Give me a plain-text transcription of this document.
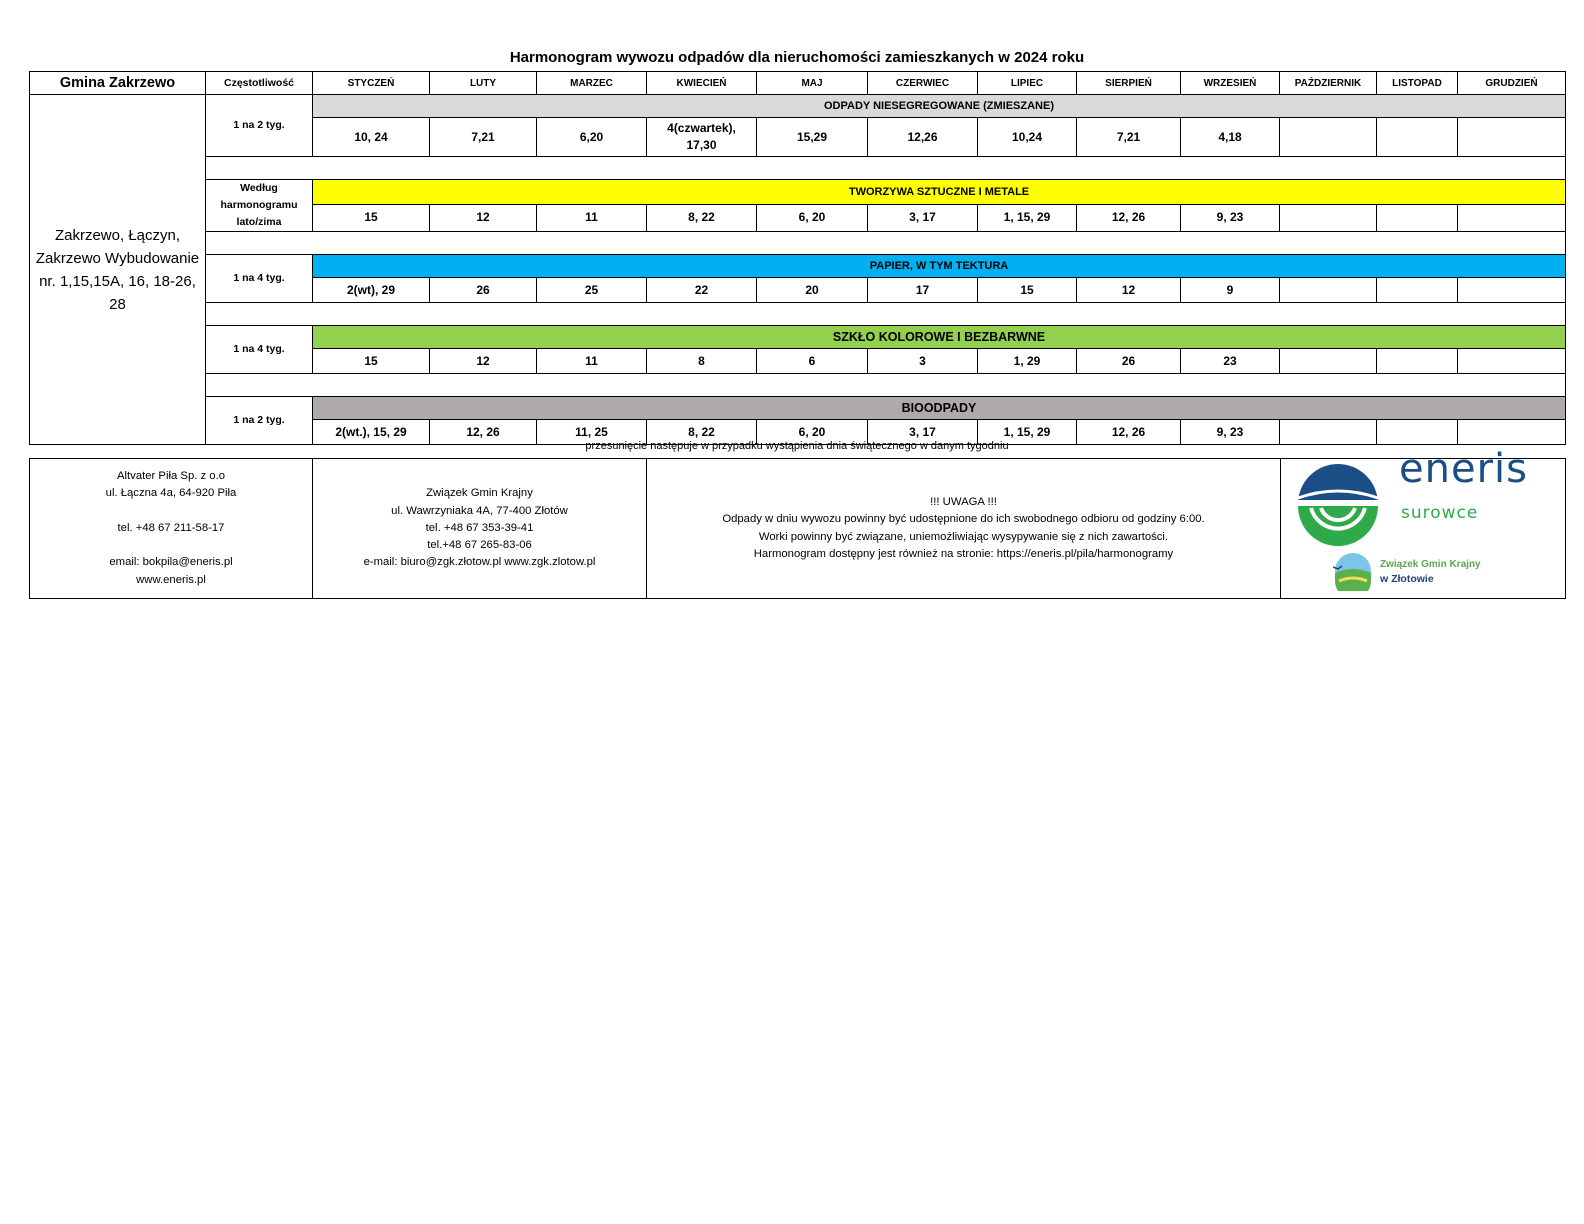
Harmonogram wywozu odpadów dla nieruchomości zamieszkanych w 2024 roku
Gmina Zakrzewo	Częstotliwość	STYCZEŃ	LUTY	MARZEC	KWIECIEŃ	MAJ	CZERWIEC	LIPIEC	SIERPIEŃ	WRZESIEŃ	PAŹDZIERNIK	LISTOPAD	GRUDZIEŃ
Zakrzewo, Łączyn, Zakrzewo Wybudowanie nr. 1,15,15A, 16, 18-26, 28	1 na 2 tyg.	ODPADY NIESEGREGOWANE (ZMIESZANE)											
		10, 24	7,21	6,20	4(czwartek), 17,30	15,29	12,26	10,24	7,21	4,18			

	Według harmonogramu lato/zima	TWORZYWA SZTUCZNE I METALE											
		15	12	11	8, 22	6, 20	3, 17	1, 15, 29	12, 26	9, 23			

	1 na 4 tyg.	PAPIER, W TYM TEKTURA											
		2(wt), 29	26	25	22	20	17	15	12	9			

	1 na 4 tyg.	SZKŁO KOLOROWE I BEZBARWNE											
		15	12	11	8	6	3	1, 29	26	23			

	1 na 2 tyg.	BIOODPADY											
		2(wt.), 15, 29	12, 26	11, 25	8, 22	6, 20	3, 17	1, 15, 29	12, 26	9, 23			
przesunięcie następuje w przypadku wystąpienia dnia świątecznego w danym tygodniu
Altvater Piła Sp. z o.o
ul. Łączna 4a, 64-920 Piła

tel. +48 67 211-58-17

email: bokpila@eneris.pl
www.eneris.pl

Związek Gmin Krajny
ul. Wawrzyniaka 4A, 77-400 Złotów
tel. +48 67 353-39-41
tel.+48 67 265-83-06
e-mail: biuro@zgk.złotow.pl www.zgk.zlotow.pl

!!! UWAGA !!!
Odpady w dniu wywozu powinny być udostępnione do ich swobodnego odbioru od godziny 6:00.
Worki powinny być związane, uniemożliwiając wysypywanie się z nich zawartości.
Harmonogram dostępny jest również na stronie: https://eneris.pl/pila/harmonogramy

eneris
surowce
Związek Gmin Krajny
w Złotowie
